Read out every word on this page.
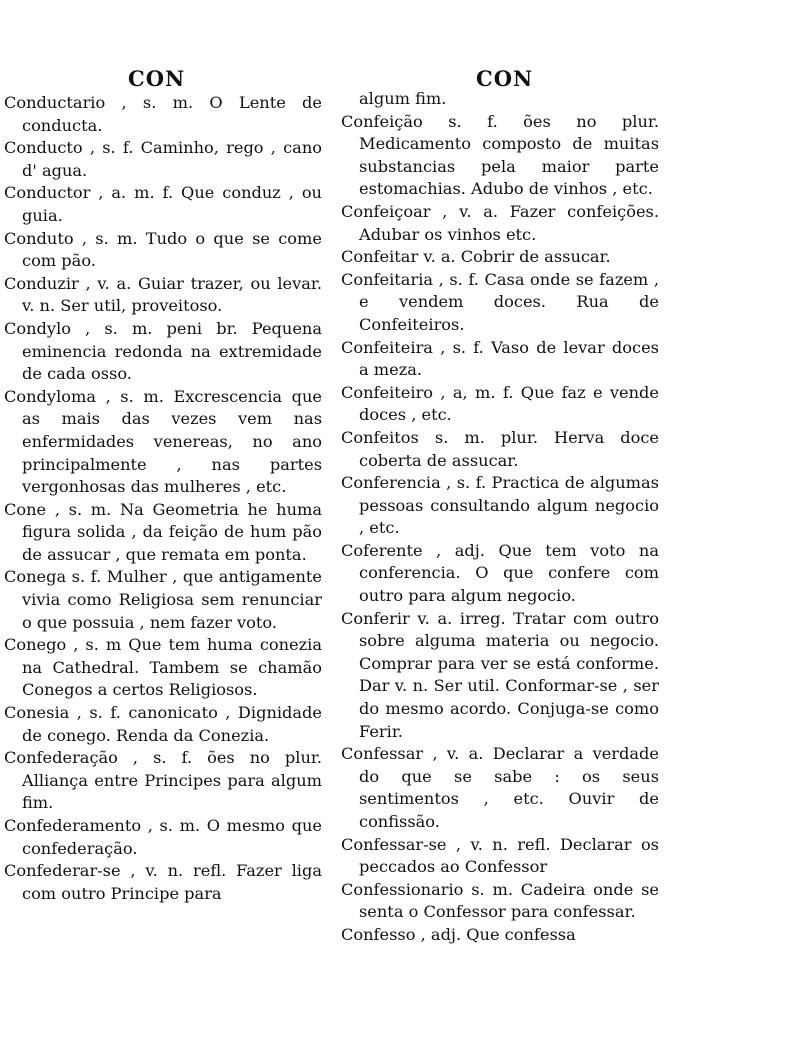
CON	CON
Conductario , s. m. O Lente de conducta.
Conducto , s. f. Caminho, rego , cano d' agua.
Conductor , a. m. f. Que conduz , ou guia.
Conduto , s. m. Tudo o que se come com pão.
Conduzir , v. a. Guiar trazer, ou levar. v. n. Ser util, proveitoso.
Condylo , s. m. peni br. Pequena eminencia redonda na extremidade de cada osso.
Condyloma , s. m. Excrescencia que as mais das vezes vem nas enfermidades venereas, no ano principalmente , nas partes vergonhosas das mulheres , etc.
Cone , s. m. Na Geometria he huma figura solida , da feição de hum pão de assucar , que remata em ponta.
Conega s. f. Mulher , que antigamente vivia como Religiosa sem renunciar o que possuia , nem fazer voto.
Conego , s. m Que tem huma conezia na Cathedral. Tambem se chamão Conegos a certos Religiosos.
Conesia , s. f. canonicato , Dignidade de conego. Renda da Conezia.
Confederação , s. f. ões no plur. Alliança entre Principes para algum fim.
Confederamento , s. m. O mesmo que confederação.
Confederar-se , v. n. refl. Fazer liga com outro Principe para
algum fim.
Confeição s. f. ões no plur. Medicamento composto de muitas substancias pela maior parte estomachias. Adubo de vinhos , etc.
Confeiçoar , v. a. Fazer confeições. Adubar os vinhos etc.
Confeitar v. a. Cobrir de assucar.
Confeitaria , s. f. Casa onde se fazem , e vendem doces. Rua de Confeiteiros.
Confeiteira , s. f. Vaso de levar doces a meza.
Confeiteiro , a, m. f. Que faz e vende doces , etc.
Confeitos s. m. plur. Herva doce coberta de assucar.
Conferencia , s. f. Practica de algumas pessoas consultando algum negocio , etc.
Coferente , adj. Que tem voto na conferencia. O que confere com outro para algum negocio.
Conferir v. a. irreg. Tratar com outro sobre alguma materia ou negocio. Comprar para ver se está conforme. Dar v. n. Ser util. Conformar-se , ser do mesmo acordo. Conjuga-se como Ferir.
Confessar , v. a. Declarar a verdade do que se sabe : os seus sentimentos , etc. Ouvir de confissão.
Confessar-se , v. n. refl. Declarar os peccados ao Confessor
Confessionario s. m. Cadeira onde se senta o Confessor para confessar.
Confesso , adj. Que confessa
